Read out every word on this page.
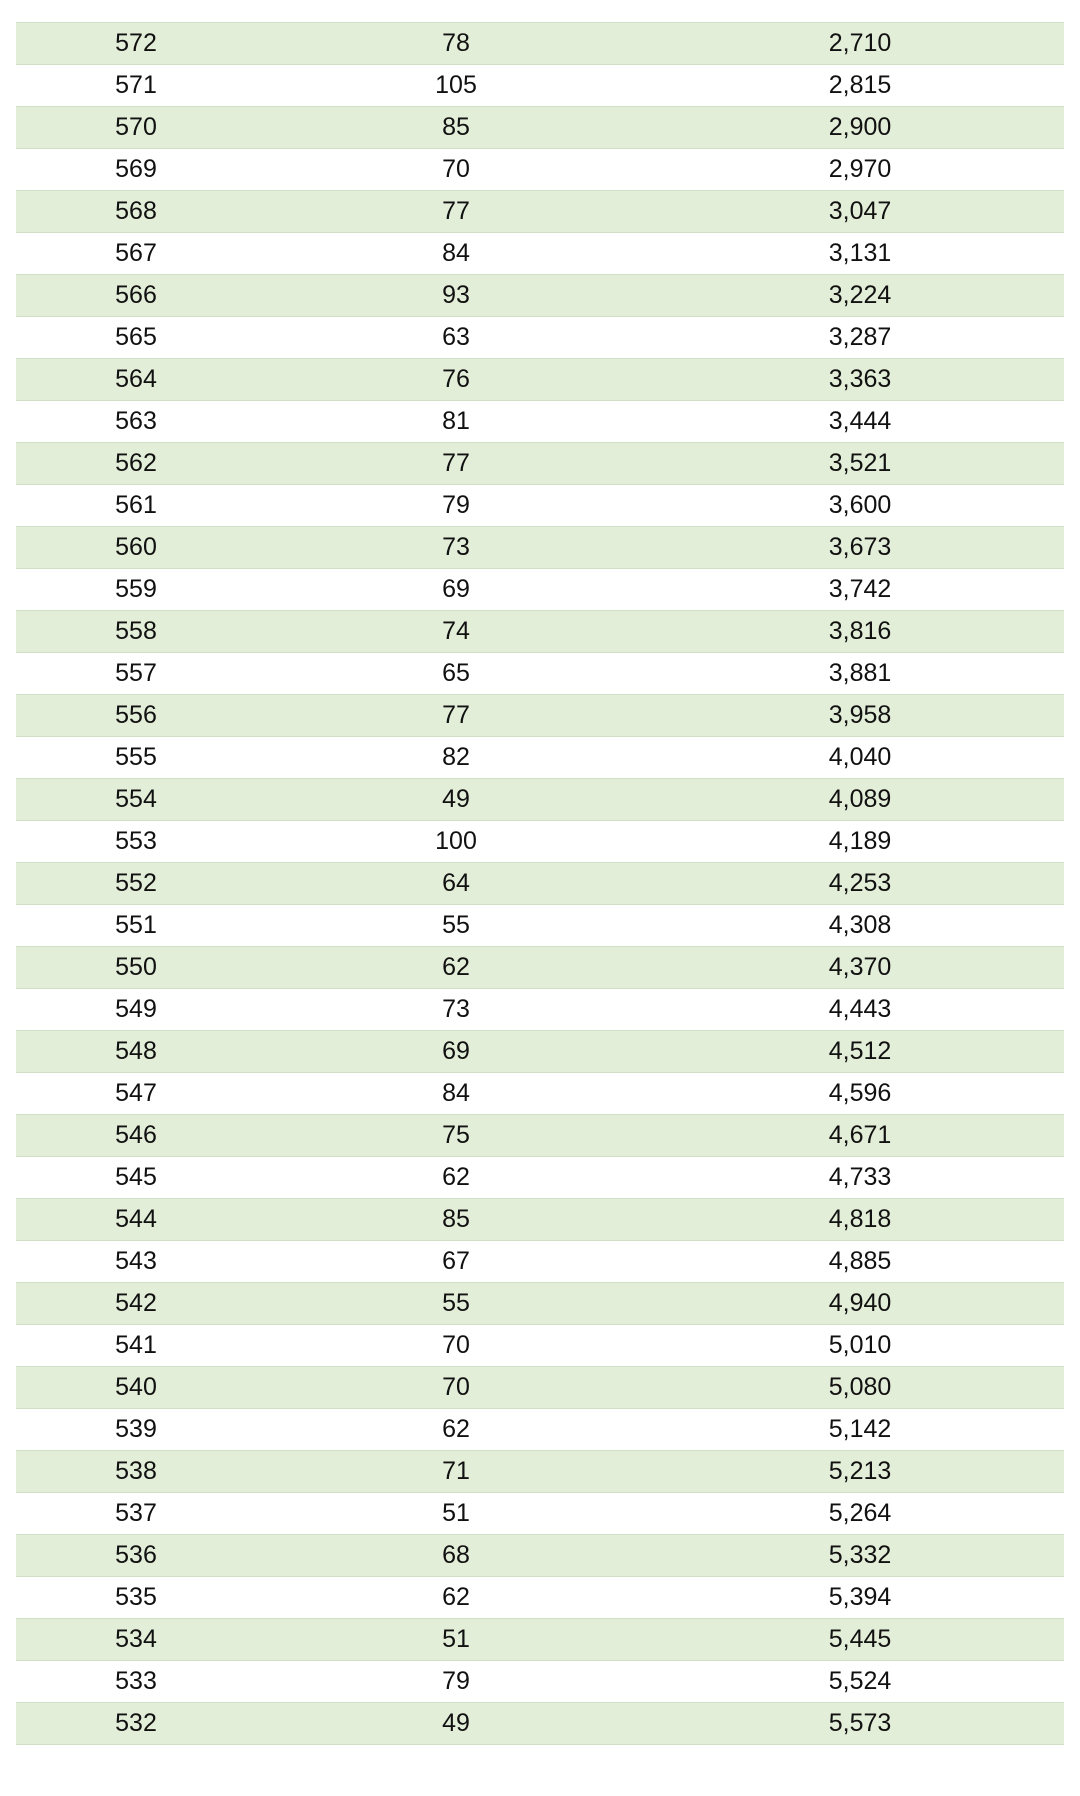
572	78	2,710
571	105	2,815
570	85	2,900
569	70	2,970
568	77	3,047
567	84	3,131
566	93	3,224
565	63	3,287
564	76	3,363
563	81	3,444
562	77	3,521
561	79	3,600
560	73	3,673
559	69	3,742
558	74	3,816
557	65	3,881
556	77	3,958
555	82	4,040
554	49	4,089
553	100	4,189
552	64	4,253
551	55	4,308
550	62	4,370
549	73	4,443
548	69	4,512
547	84	4,596
546	75	4,671
545	62	4,733
544	85	4,818
543	67	4,885
542	55	4,940
541	70	5,010
540	70	5,080
539	62	5,142
538	71	5,213
537	51	5,264
536	68	5,332
535	62	5,394
534	51	5,445
533	79	5,524
532	49	5,573
